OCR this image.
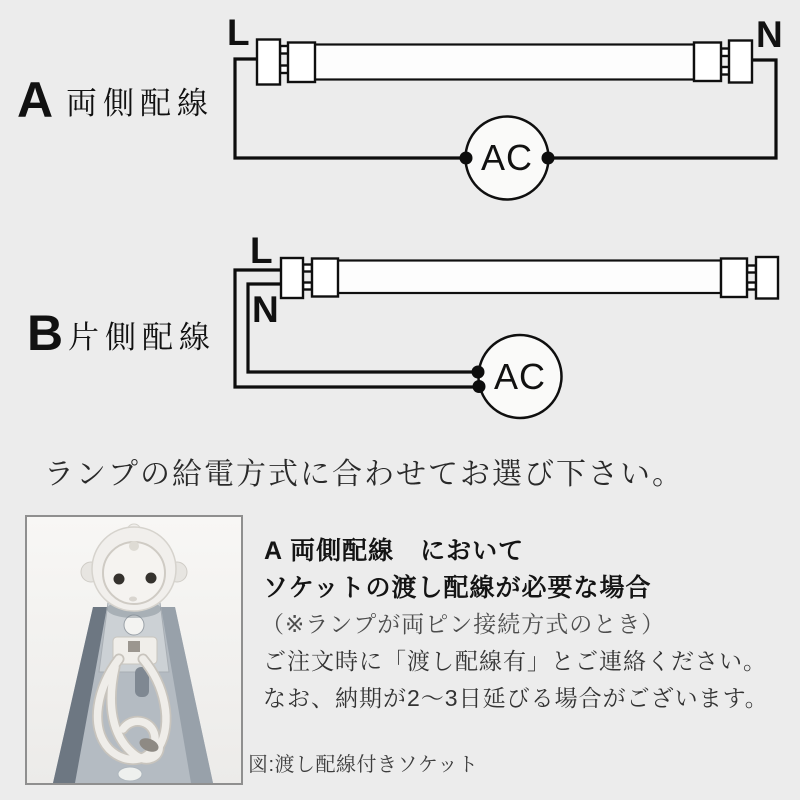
AC
A 両側配線
L	N
AC
B 片側配線
L
N
ランプの給電方式に合わせてお選び下さい。
A 両側配線　において
ソケットの渡し配線が必要な場合
（※ランプが両ピン接続方式のとき）
ご注文時に「渡し配線有」とご連絡ください。
なお、納期が2～3日延びる場合がございます。
図:渡し配線付きソケット
